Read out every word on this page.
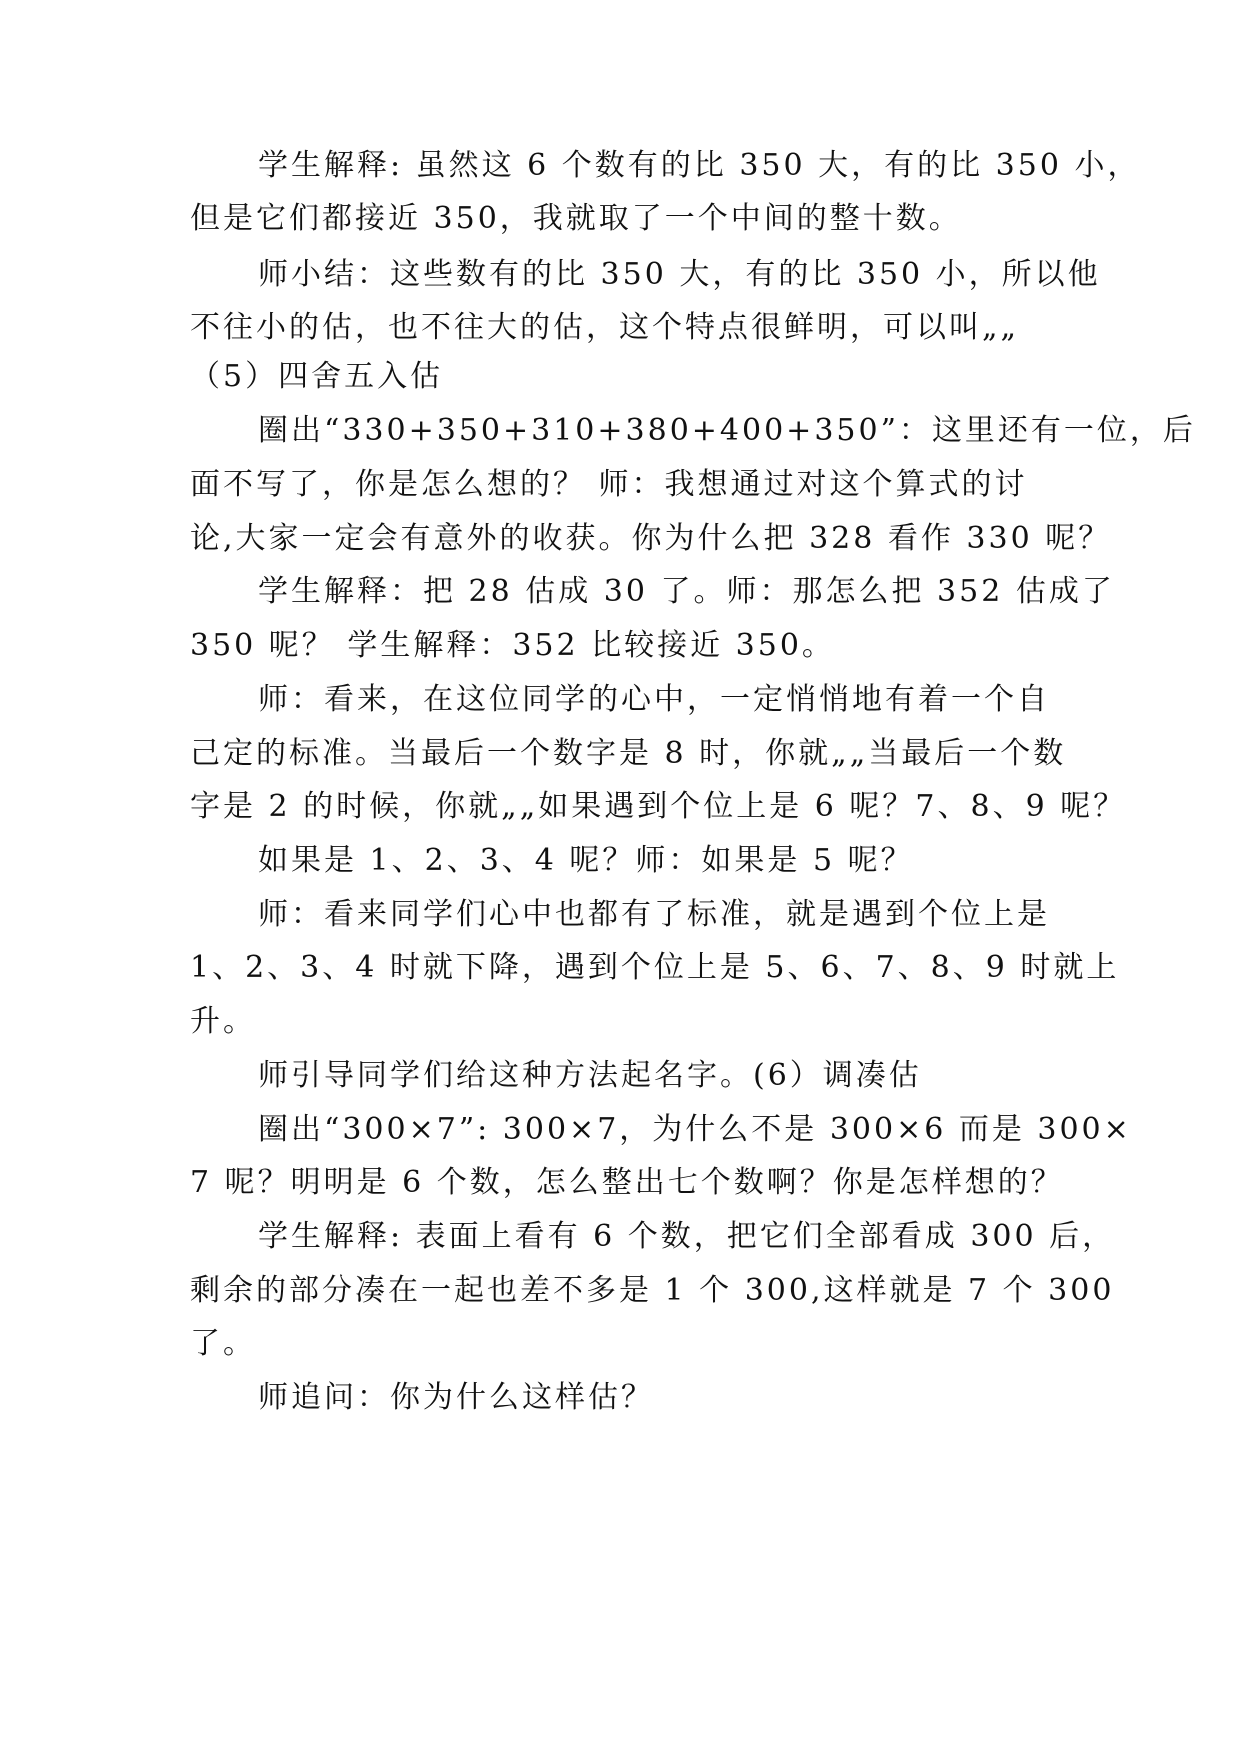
学生解释: 虽然这 6 个数有的比 350 大，有的比 350 小，
但是它们都接近 350，我就取了一个中间的整十数。
师小结：这些数有的比 350 大，有的比 350 小，所以他
不往小的估，也不往大的估，这个特点很鲜明，可以叫„„
（5）四舍五入估
圈出“330+350+310+380+400+350”：这里还有一位，后
面不写了，你是怎么想的？ 师：我想通过对这个算式的讨
论,大家一定会有意外的收获。你为什么把 328 看作 330 呢？
学生解释：把 28 估成 30 了。师：那怎么把 352 估成了
350 呢？ 学生解释：352 比较接近 350。
师：看来，在这位同学的心中，一定悄悄地有着一个自
己定的标准。当最后一个数字是 8 时，你就„„当最后一个数
字是 2 的时候，你就„„如果遇到个位上是 6 呢？7、8、9 呢？
如果是 1、2、3、4 呢？师：如果是 5 呢？
师：看来同学们心中也都有了标准，就是遇到个位上是
1、2、3、4 时就下降，遇到个位上是 5、6、7、8、9 时就上
升。
师引导同学们给这种方法起名字。(6）调凑估
圈出“300×7”: 300×7，为什么不是 300×6 而是 300×
7 呢？明明是 6 个数，怎么整出七个数啊？你是怎样想的？
学生解释: 表面上看有 6 个数，把它们全部看成 300 后，
剩余的部分凑在一起也差不多是 1 个 300,这样就是 7 个 300
了。
师追问：你为什么这样估？
